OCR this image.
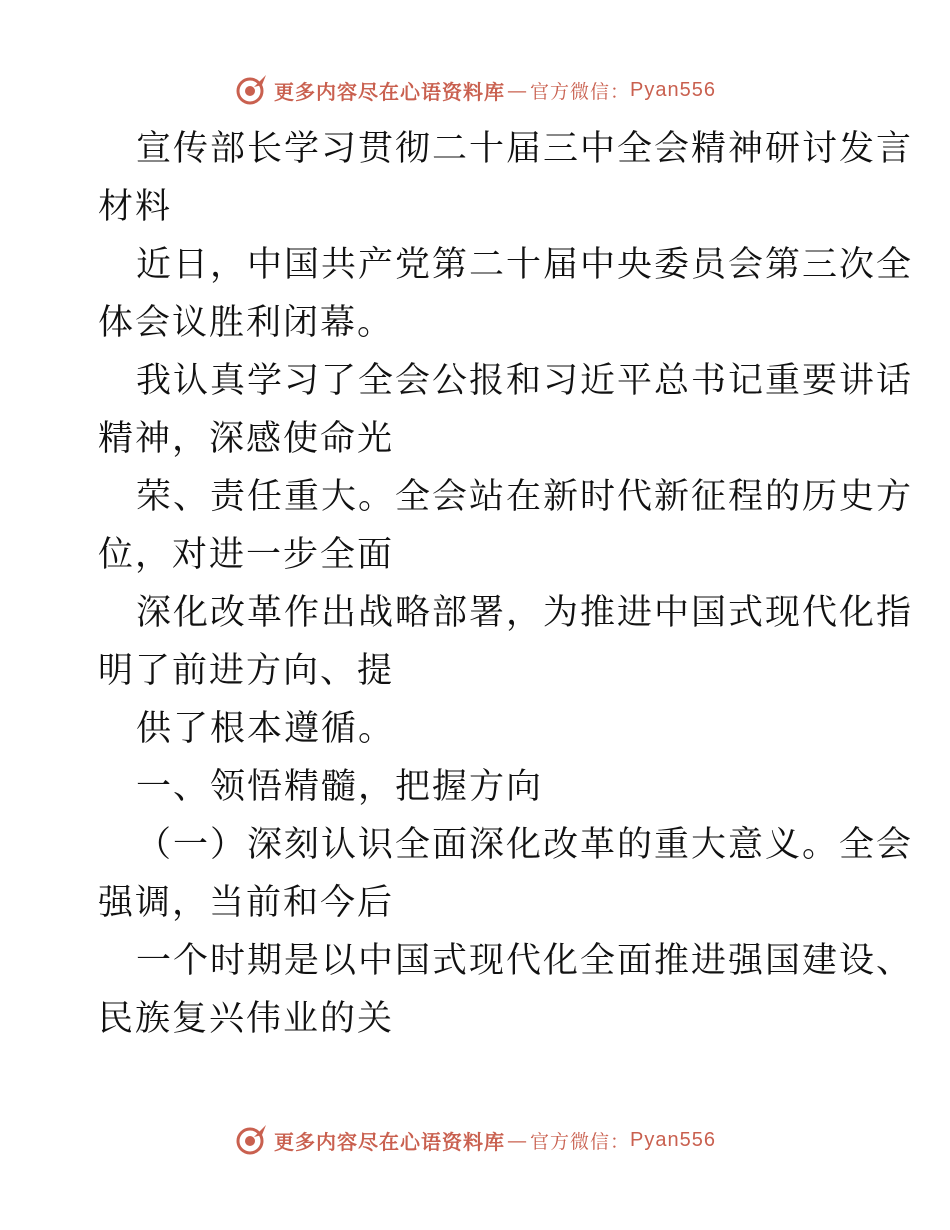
更多内容尽在心语资料库 — 官方微信： Pyan556
宣传部长学习贯彻二十届三中全会精神研讨发言
材料
近日，中国共产党第二十届中央委员会第三次全
体会议胜利闭幕。
我认真学习了全会公报和习近平总书记重要讲话
精神，深感使命光
荣、责任重大。全会站在新时代新征程的历史方
位，对进一步全面
深化改革作出战略部署，为推进中国式现代化指
明了前进方向、提
供了根本遵循。
一、领悟精髓，把握方向
（一）深刻认识全面深化改革的重大意义。全会
强调，当前和今后
一个时期是以中国式现代化全面推进强国建设、
民族复兴伟业的关
更多内容尽在心语资料库 — 官方微信： Pyan556
